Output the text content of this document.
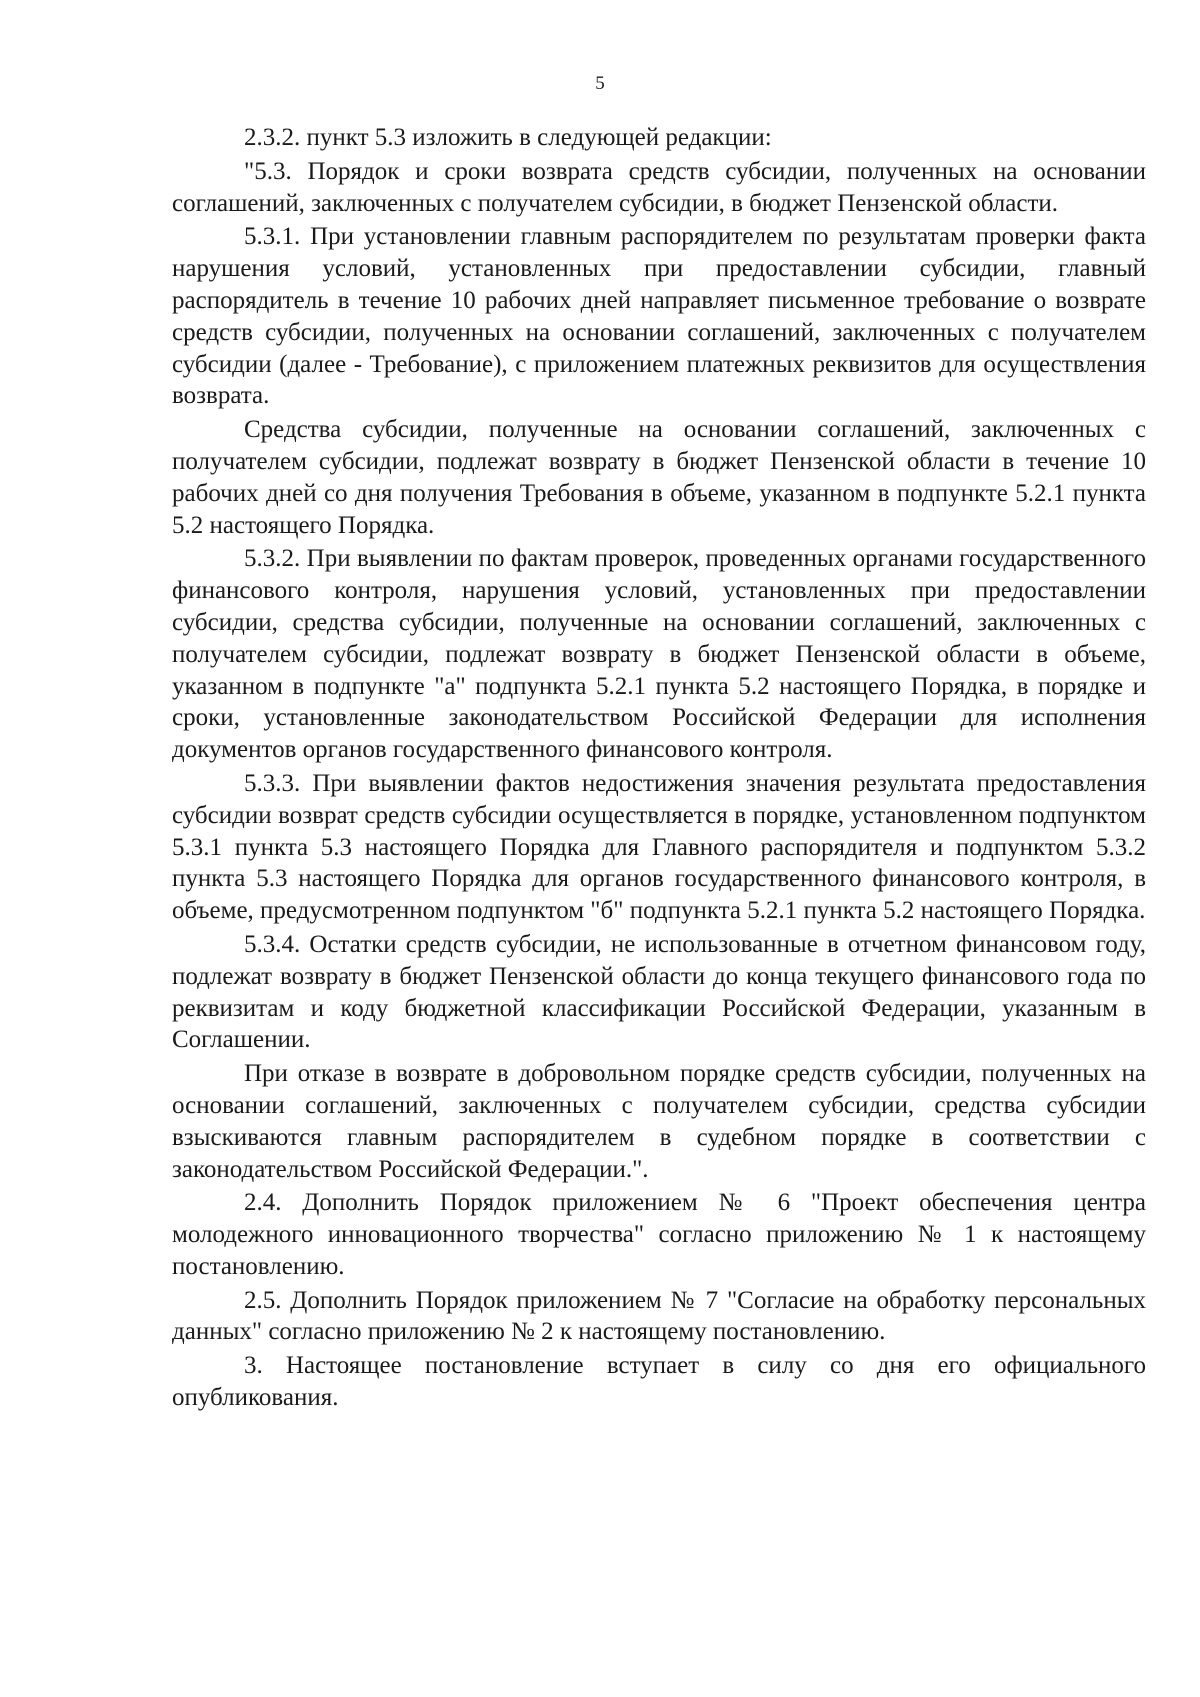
5

2.3.2. пункт 5.3 изложить в следующей редакции:

"5.3. Порядок и сроки возврата средств субсидии, полученных на основании соглашений, заключенных с получателем субсидии, в бюджет Пензенской области.

5.3.1. При установлении главным распорядителем по результатам проверки факта нарушения условий, установленных при предоставлении субсидии, главный распорядитель в течение 10 рабочих дней направляет письменное требование о возврате средств субсидии, полученных на основании соглашений, заключенных с получателем субсидии (далее - Требование), с приложением платежных реквизитов для осуществления возврата.

Средства субсидии, полученные на основании соглашений, заключенных с получателем субсидии, подлежат возврату в бюджет Пензенской области в течение 10 рабочих дней со дня получения Требования в объеме, указанном в подпункте 5.2.1 пункта 5.2 настоящего Порядка.

5.3.2. При выявлении по фактам проверок, проведенных органами государственного финансового контроля, нарушения условий, установленных при предоставлении субсидии, средства субсидии, полученные на основании соглашений, заключенных с получателем субсидии, подлежат возврату в бюджет Пензенской области в объеме, указанном в подпункте "а" подпункта 5.2.1 пункта 5.2 настоящего Порядка, в порядке и сроки, установленные законодательством Российской Федерации для исполнения документов органов государственного финансового контроля.

5.3.3. При выявлении фактов недостижения значения результата предоставления субсидии возврат средств субсидии осуществляется в порядке, установленном подпунктом 5.3.1 пункта 5.3 настоящего Порядка для Главного распорядителя и подпунктом 5.3.2 пункта 5.3 настоящего Порядка для органов государственного финансового контроля, в объеме, предусмотренном подпунктом "б" подпункта 5.2.1 пункта 5.2 настоящего Порядка.

5.3.4. Остатки средств субсидии, не использованные в отчетном финансовом году, подлежат возврату в бюджет Пензенской области до конца текущего финансового года по реквизитам и коду бюджетной классификации Российской Федерации, указанным в Соглашении.

При отказе в возврате в добровольном порядке средств субсидии, полученных на основании соглашений, заключенных с получателем субсидии, средства субсидии взыскиваются главным распорядителем в судебном порядке в соответствии с законодательством Российской Федерации.".

2.4. Дополнить Порядок приложением № 6 "Проект обеспечения центра молодежного инновационного творчества" согласно приложению № 1 к настоящему постановлению.

2.5. Дополнить Порядок приложением № 7 "Согласие на обработку персональных данных" согласно приложению № 2 к настоящему постановлению.

3. Настоящее постановление вступает в силу со дня его официального опубликования.
